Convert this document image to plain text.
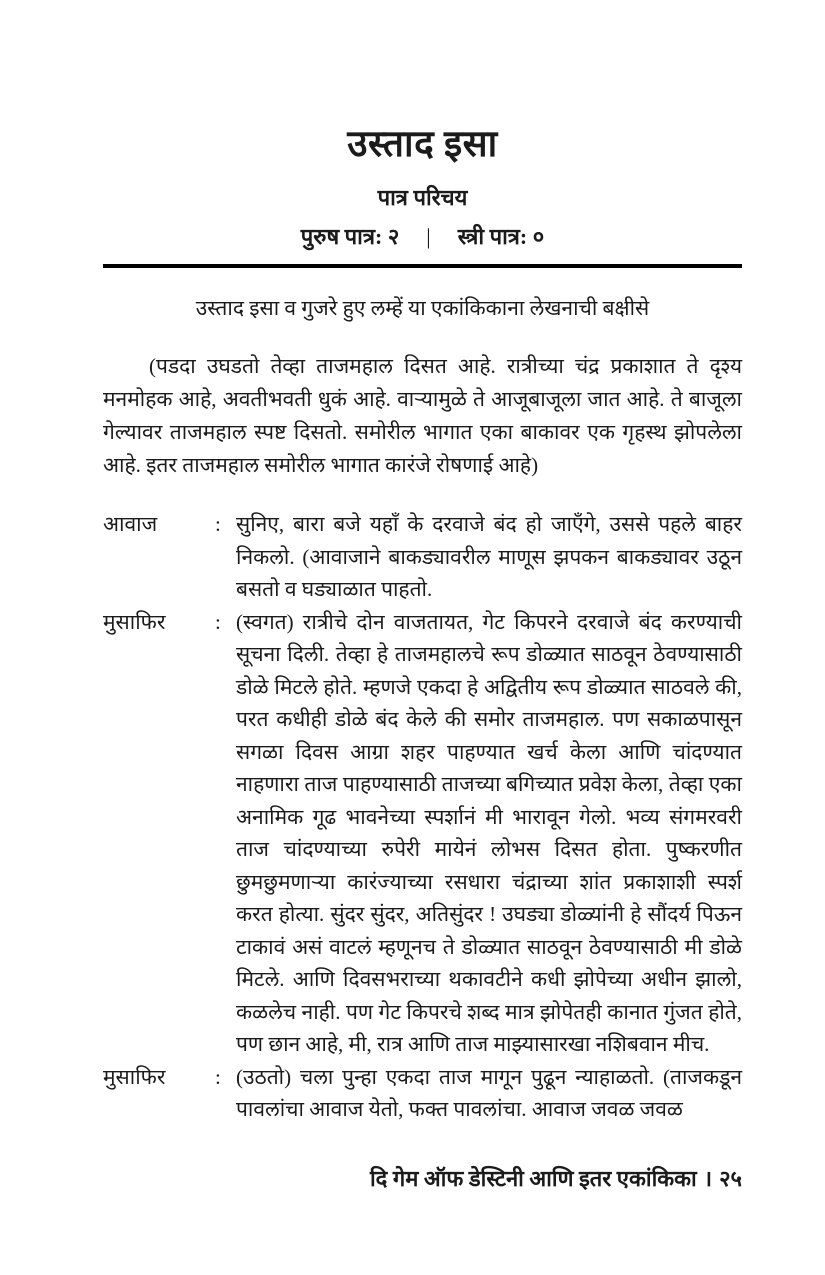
उस्ताद इसा
पात्र परिचय
पुरुष पात्र: २ | स्त्री पात्र: ०

उस्ताद इसा व गुजरे हुए लम्हें या एकांकिकाना लेखनाची बक्षीसे

(पडदा उघडतो तेव्हा ताजमहाल दिसत आहे. रात्रीच्या चंद्र प्रकाशात ते दृश्य मनमोहक आहे, अवतीभवती धुकं आहे. वाऱ्यामुळे ते आजूबाजूला जात आहे. ते बाजूला गेल्यावर ताजमहाल स्पष्ट दिसतो. समोरील भागात एका बाकावर एक गृहस्थ झोपलेला आहे. इतर ताजमहाल समोरील भागात कारंजे रोषणाई आहे)

आवाज	: सुनिए, बारा बजे यहाँ के दरवाजे बंद हो जाएँगे, उससे पहले बाहर निकलो. (आवाजाने बाकड्यावरील माणूस झपकन बाकड्यावर उठून बसतो व घड्याळात पाहतो.
मुसाफिर	: (स्वगत) रात्रीचे दोन वाजतायत, गेट किपरने दरवाजे बंद करण्याची सूचना दिली. तेव्हा हे ताजमहालचे रूप डोळ्यात साठवून ठेवण्यासाठी डोळे मिटले होते. म्हणजे एकदा हे अद्वितीय रूप डोळ्यात साठवले की, परत कधीही डोळे बंद केले की समोर ताजमहाल. पण सकाळपासून सगळा दिवस आग्रा शहर पाहण्यात खर्च केला आणि चांदण्यात नाहणारा ताज पाहण्यासाठी ताजच्या बगिच्यात प्रवेश केला, तेव्हा एका अनामिक गूढ भावनेच्या स्पर्शानं मी भारावून गेलो. भव्य संगमरवरी ताज चांदण्याच्या रुपेरी मायेनं लोभस दिसत होता. पुष्करणीत छुमछुमणाऱ्या कारंज्याच्या रसधारा चंद्राच्या शांत प्रकाशाशी स्पर्श करत होत्या. सुंदर सुंदर, अतिसुंदर ! उघड्या डोळ्यांनी हे सौंदर्य पिऊन टाकावं असं वाटलं म्हणूनच ते डोळ्यात साठवून ठेवण्यासाठी मी डोळे मिटले. आणि दिवसभराच्या थकावटीने कधी झोपेच्या अधीन झालो, कळलेच नाही. पण गेट किपरचे शब्द मात्र झोपेतही कानात गुंजत होते, पण छान आहे, मी, रात्र आणि ताज माझ्यासारखा नशिबवान मीच.
मुसाफिर	: (उठतो) चला पुन्हा एकदा ताज मागून पुढून न्याहाळतो. (ताजकडून पावलांचा आवाज येतो, फक्त पावलांचा. आवाज जवळ जवळ
दि गेम ऑफ डेस्टिनी आणि इतर एकांकिका । २५
